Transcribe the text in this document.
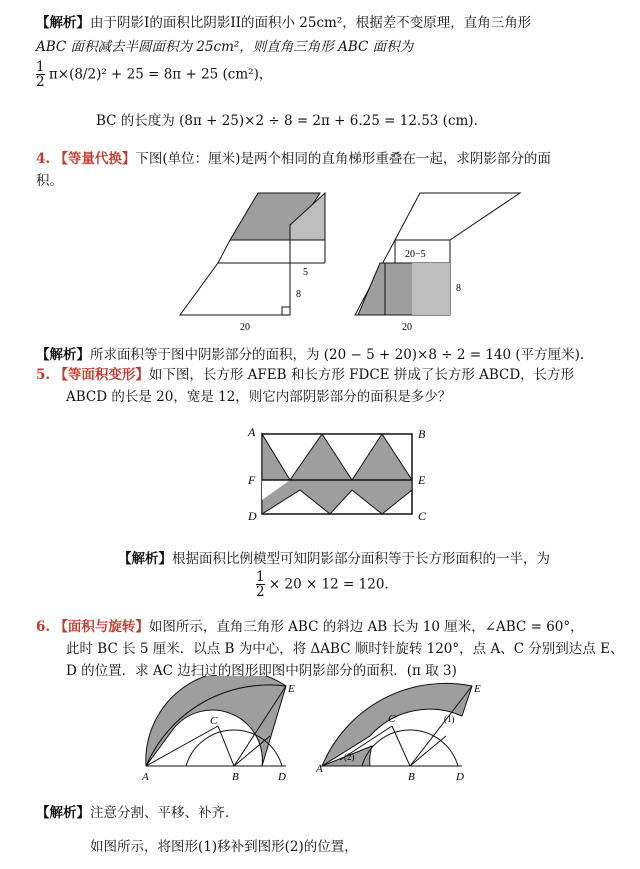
【解析】由于阴影I的面积比阴影II的面积小 25cm²，根据差不变原理，直角三角形
ABC 面积减去半圆面积为 25cm²，则直角三角形 ABC 面积为
$\frac{1}{2} \pi\times(8/2)^2 + 25 = 8\pi + 25$ (cm²)，
BC 的长度为 (8π + 25)×2 ÷ 8 = 2π + 6.25 = 12.53 (cm).
4. 【等量代换】下图(单位：厘米)是两个相同的直角梯形重叠在一起，求阴影部分的面
积。
5
8
20
20−5
8
20
【解析】所求面积等于图中阴影部分的面积，为 (20 − 5 + 20)×8 ÷ 2 = 140 (平方厘米).
5. 【等面积变形】如下图，长方形 AFEB 和长方形 FDCE 拼成了长方形 ABCD，长方形
ABCD 的长是 20，宽是 12，则它内部阴影部分的面积是多少？
A	B
F	E
D	C
【解析】根据面积比例模型可知阴影部分面积等于长方形面积的一半，为
$\frac{1}{2} \times 20 \times 12 = 120$.
6. 【面积与旋转】如图所示，直角三角形 ABC 的斜边 AB 长为 10 厘米，∠ABC = 60°，
此时 BC 长 5 厘米．以点 B 为中心，将 ΔABC 顺时针旋转 120°，点 A、C 分别到达点 E、
D 的位置．求 AC 边扫过的图形即图中阴影部分的面积．(π 取 3)
A
C
B	D
E
A
C
B	D
E
(1)
(2)
【解析】注意分割、平移、补齐．
如图所示，将图形(1)移补到图形(2)的位置，
